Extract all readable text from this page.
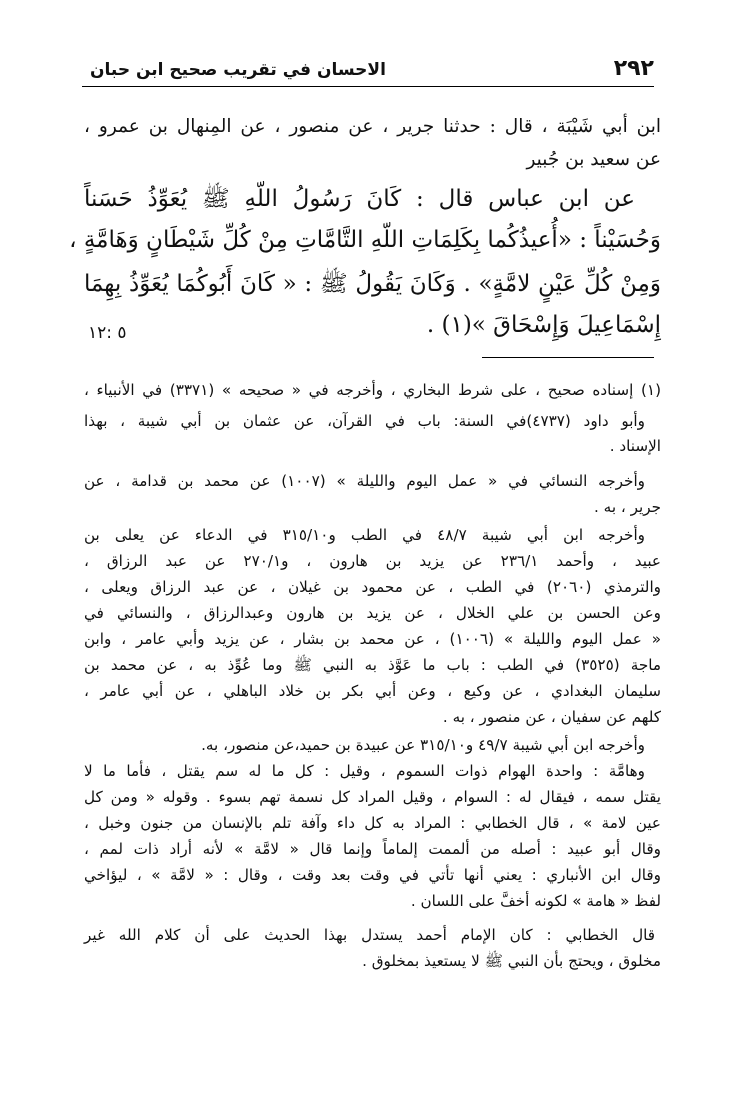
٢٩٢
الاحسان في تقريب صحيح ابن حبان
ابن أبي شَيْبَة ، قال : حدثنا جرير ، عن منصور ، عن المِنهال بن عمرو ،
عن سعيد بن جُبير
عن ابن عباس قال : كَانَ رَسُولُ اللّهِ ﷺ يُعَوِّذُ حَسَناً
وَحُسَيْناً : «أُعيذُكُما بِكَلِمَاتِ اللّهِ التَّامَّاتِ مِنْ كُلِّ شَيْطَانٍ وَهَامَّةٍ ،
وَمِنْ كُلِّ عَيْنٍ لامَّةٍ» . وَكَانَ يَقُولُ ﷺ : « كَانَ أَبُوكُمَا يُعَوِّذُ بِهِمَا
إِسْمَاعِيلَ وَإِسْحَاقَ »(١) .
٥ :١٢
(١) إسناده صحيح ، على شرط البخاري ، وأخرجه في « صحيحه » (٣٣٧١) في الأنبياء ،
وأبو داود (٤٧٣٧)في السنة: باب في القرآن، عن عثمان بن أبي شيبة ، بهذا
الإسناد .
وأخرجه النسائي في « عمل اليوم والليلة » (١٠٠٧) عن محمد بن قدامة ، عن
جرير ، به .
وأخرجه ابن أبي شيبة ٤٨/٧ في الطب و٣١٥/١٠ في الدعاء عن يعلى بن
عبيد ، وأحمد ٢٣٦/١ عن يزيد بن هارون ، و٢٧٠/١ عن عبد الرزاق ،
والترمذي (٢٠٦٠) في الطب ، عن محمود بن غيلان ، عن عبد الرزاق ويعلى ،
وعن الحسن بن علي الخلال ، عن يزيد بن هارون وعبدالرزاق ، والنسائي في
« عمل اليوم والليلة » (١٠٠٦) ، عن محمد بن بشار ، عن يزيد وأبي عامر ، وابن
ماجة (٣٥٢٥) في الطب : باب ما عَوَّذ به النبي ﷺ وما عُوِّذ به ، عن محمد بن
سليمان البغدادي ، عن وكيع ، وعن أبي بكر بن خلاد الباهلي ، عن أبي عامر ،
كلهم عن سفيان ، عن منصور ، به .
وأخرجه ابن أبي شيبة ٤٩/٧ و٣١٥/١٠ عن عبيدة بن حميد،عن منصور، به.
وهامَّة : واحدة الهوام ذوات السموم ، وقيل : كل ما له سم يقتل ، فأما ما لا
يقتل سمه ، فيقال له : السوام ، وقيل المراد كل نسمة تهم بسوء . وقوله « ومن كل
عين لامة » ، قال الخطابي : المراد به كل داء وآفة تلم بالإنسان من جنون وخبل ،
وقال أبو عبيد : أصله من ألممت إلماماً وإنما قال « لامَّة » لأنه أراد ذات لمم ،
وقال ابن الأنباري : يعني أنها تأتي في وقت بعد وقت ، وقال : « لامَّة » ، ليؤاخي
لفظ « هامة » لكونه أخفَّ على اللسان .
قال الخطابي : كان الإمام أحمد يستدل بهذا الحديث على أن كلام الله غير
مخلوق ، ويحتج بأن النبي ﷺ لا يستعيذ بمخلوق .
